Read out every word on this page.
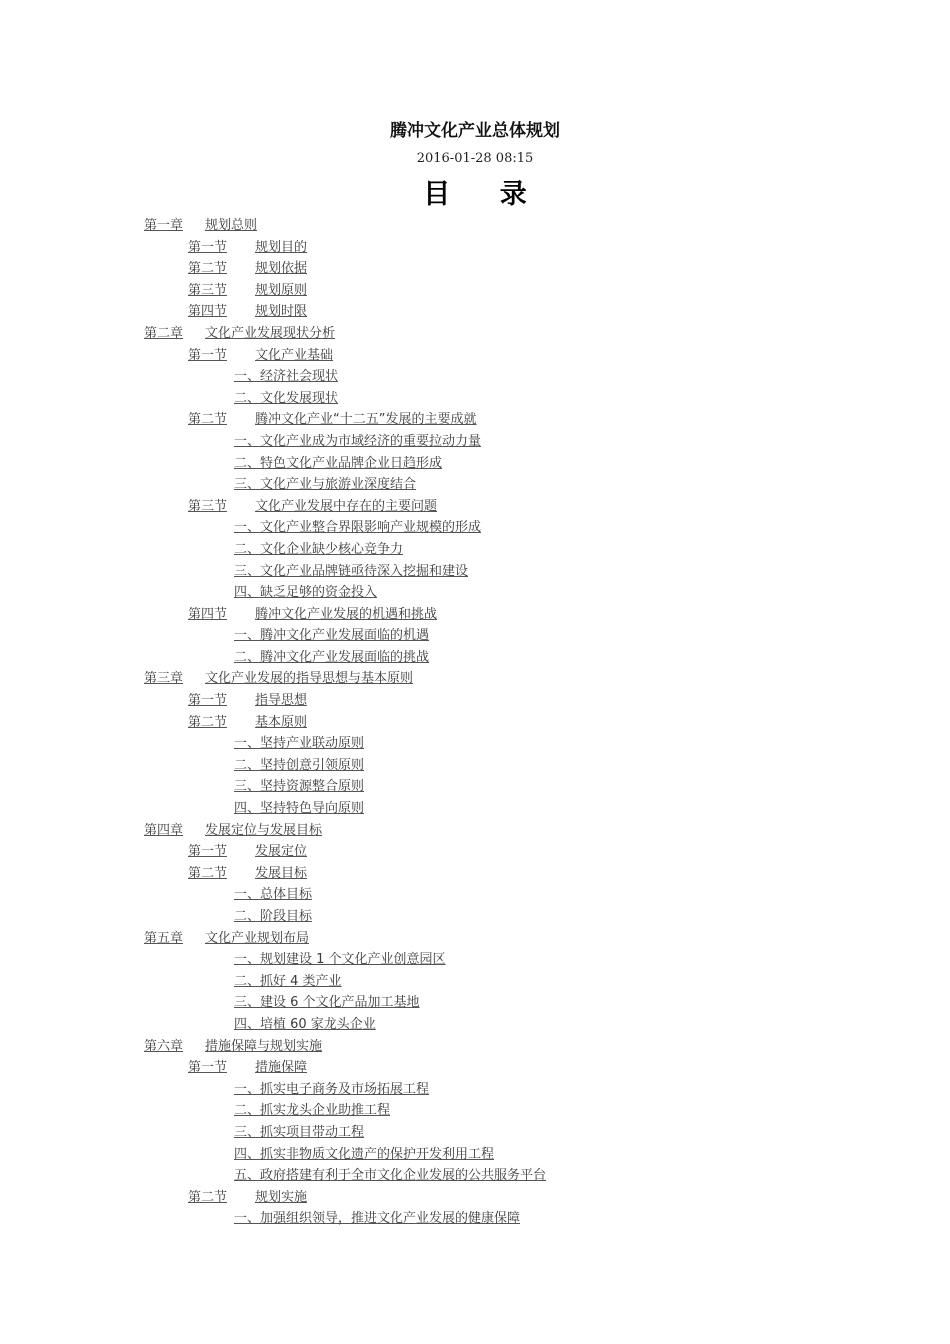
腾冲文化产业总体规划
2016-01-28 08:15
目 录
第一章 规划总则
第一节 规划目的
第二节 规划依据
第三节 规划原则
第四节 规划时限
第二章 文化产业发展现状分析
第一节 文化产业基础
一、经济社会现状
二、文化发展现状
第二节 腾冲文化产业“十二五”发展的主要成就
一、文化产业成为市域经济的重要拉动力量
二、特色文化产业品牌企业日趋形成
三、文化产业与旅游业深度结合
第三节 文化产业发展中存在的主要问题
一、文化产业整合界限影响产业规模的形成
二、文化企业缺少核心竞争力
三、文化产业品牌链亟待深入挖掘和建设
四、缺乏足够的资金投入
第四节 腾冲文化产业发展的机遇和挑战
一、腾冲文化产业发展面临的机遇
二、腾冲文化产业发展面临的挑战
第三章 文化产业发展的指导思想与基本原则
第一节 指导思想
第二节 基本原则
一、坚持产业联动原则
二、坚持创意引领原则
三、坚持资源整合原则
四、坚持特色导向原则
第四章 发展定位与发展目标
第一节 发展定位
第二节 发展目标
一、总体目标
二、阶段目标
第五章 文化产业规划布局
一、规划建设 1 个文化产业创意园区
二、抓好 4 类产业
三、建设 6 个文化产品加工基地
四、培植 60 家龙头企业
第六章 措施保障与规划实施
第一节 措施保障
一、抓实电子商务及市场拓展工程
二、抓实龙头企业助推工程
三、抓实项目带动工程
四、抓实非物质文化遗产的保护开发利用工程
五、政府搭建有利于全市文化企业发展的公共服务平台
第二节 规划实施
一、加强组织领导，推进文化产业发展的健康保障
